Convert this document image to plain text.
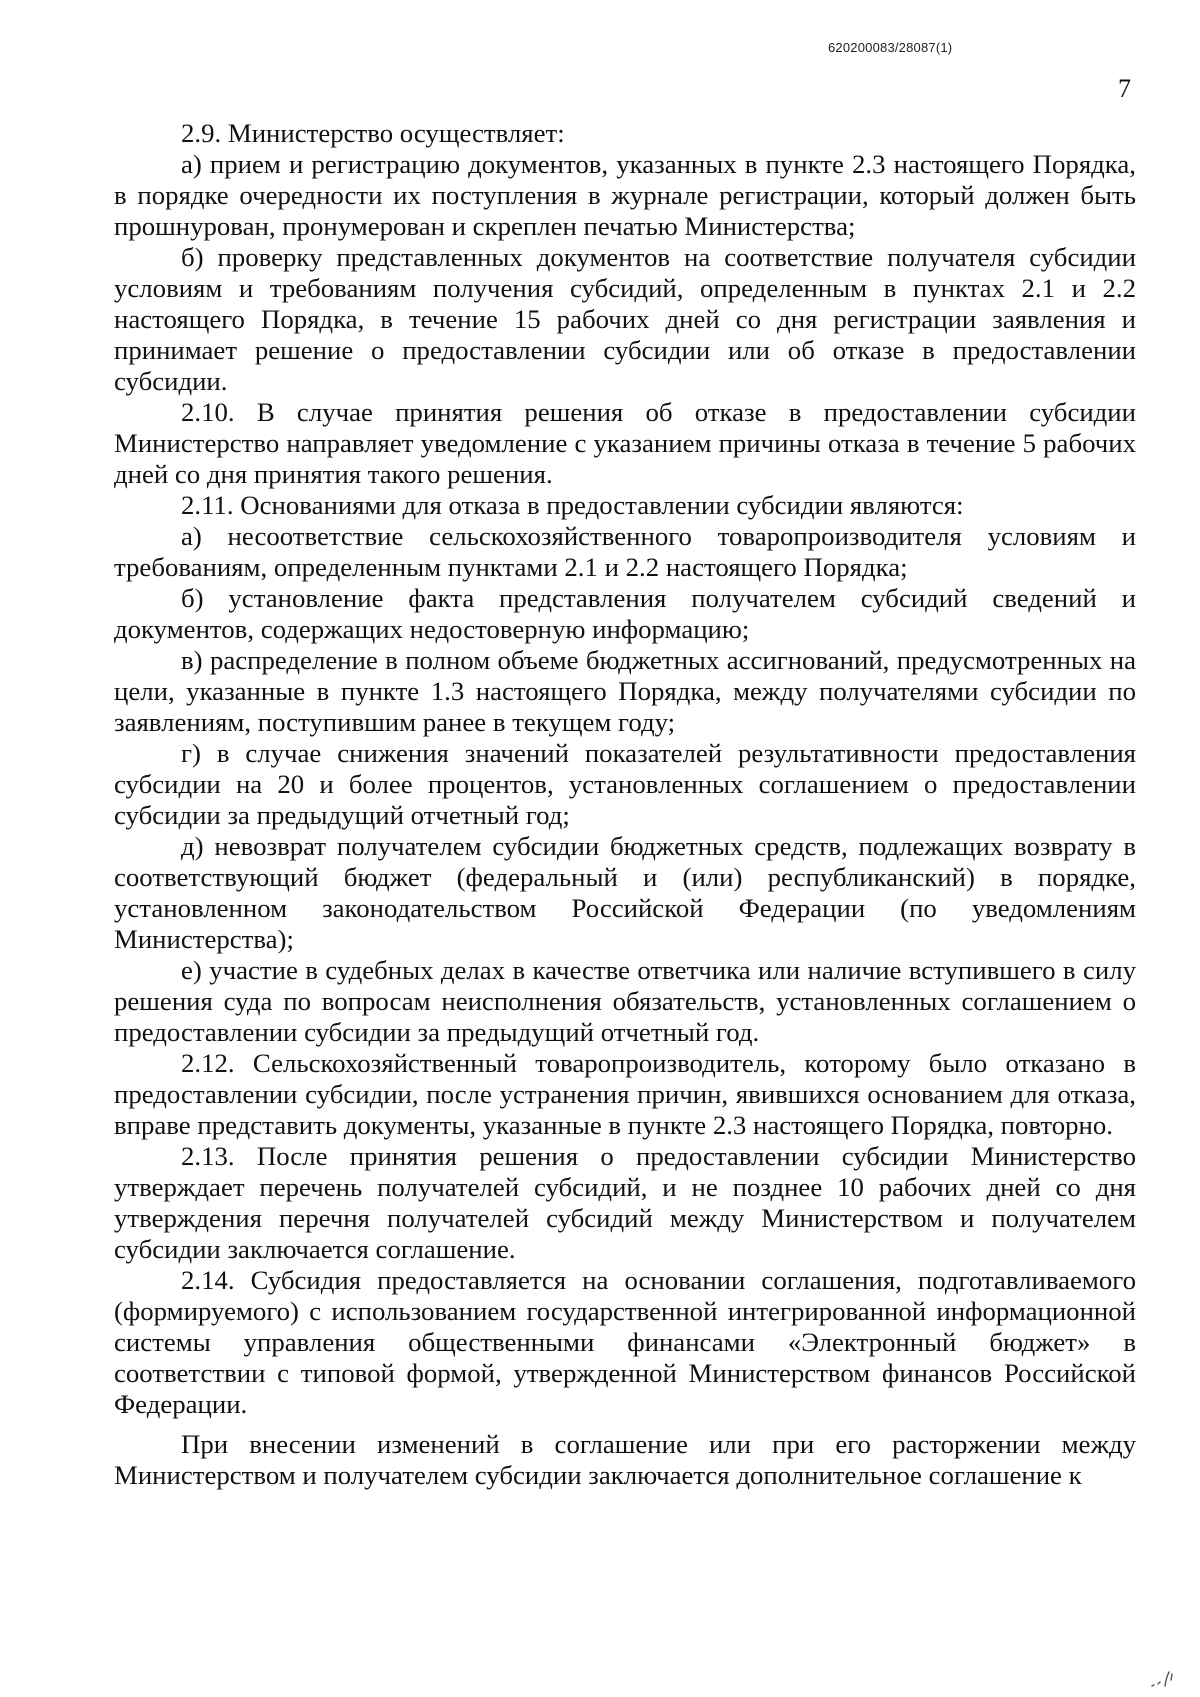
620200083/28087(1)
7

2.9. Министерство осуществляет:

а) прием и регистрацию документов, указанных в пункте 2.3 настоящего Порядка, в порядке очередности их поступления в журнале регистрации, который должен быть прошнурован, пронумерован и скреплен печатью Министерства;

б) проверку представленных документов на соответствие получателя субсидии условиям и требованиям получения субсидий, определенным в пунктах 2.1 и 2.2 настоящего Порядка, в течение 15 рабочих дней со дня регистрации заявления и принимает решение о предоставлении субсидии или об отказе в предоставлении субсидии.

2.10. В случае принятия решения об отказе в предоставлении субсидии Министерство направляет уведомление с указанием причины отказа в течение 5 рабочих дней со дня принятия такого решения.

2.11. Основаниями для отказа в предоставлении субсидии являются:

а) несоответствие сельскохозяйственного товаропроизводителя условиям и требованиям, определенным пунктами 2.1 и 2.2 настоящего Порядка;

б) установление факта представления получателем субсидий сведений и документов, содержащих недостоверную информацию;

в) распределение в полном объеме бюджетных ассигнований, предусмотренных на цели, указанные в пункте 1.3 настоящего Порядка, между получателями субсидии по заявлениям, поступившим ранее в текущем году;

г) в случае снижения значений показателей результативности предоставления субсидии на 20 и более процентов, установленных соглашением о предоставлении субсидии за предыдущий отчетный год;

д) невозврат получателем субсидии бюджетных средств, подлежащих возврату в соответствующий бюджет (федеральный и (или) республиканский) в порядке, установленном законодательством Российской Федерации (по уведомлениям Министерства);

е) участие в судебных делах в качестве ответчика или наличие вступившего в силу решения суда по вопросам неисполнения обязательств, установленных соглашением о предоставлении субсидии за предыдущий отчетный год.

2.12. Сельскохозяйственный товаропроизводитель, которому было отказано в предоставлении субсидии, после устранения причин, явившихся основанием для отказа, вправе представить документы, указанные в пункте 2.3 настоящего Порядка, повторно.

2.13. После принятия решения о предоставлении субсидии Министерство утверждает перечень получателей субсидий, и не позднее 10 рабочих дней со дня утверждения перечня получателей субсидий между Министерством и получателем субсидии заключается соглашение.

2.14. Субсидия предоставляется на основании соглашения, подготавливаемого (формируемого) с использованием государственной интегрированной информационной системы управления общественными финансами «Электронный бюджет» в соответствии с типовой формой, утвержденной Министерством финансов Российской Федерации.

При внесении изменений в соглашение или при его расторжении между Министерством и получателем субсидии заключается дополнительное соглашение к
